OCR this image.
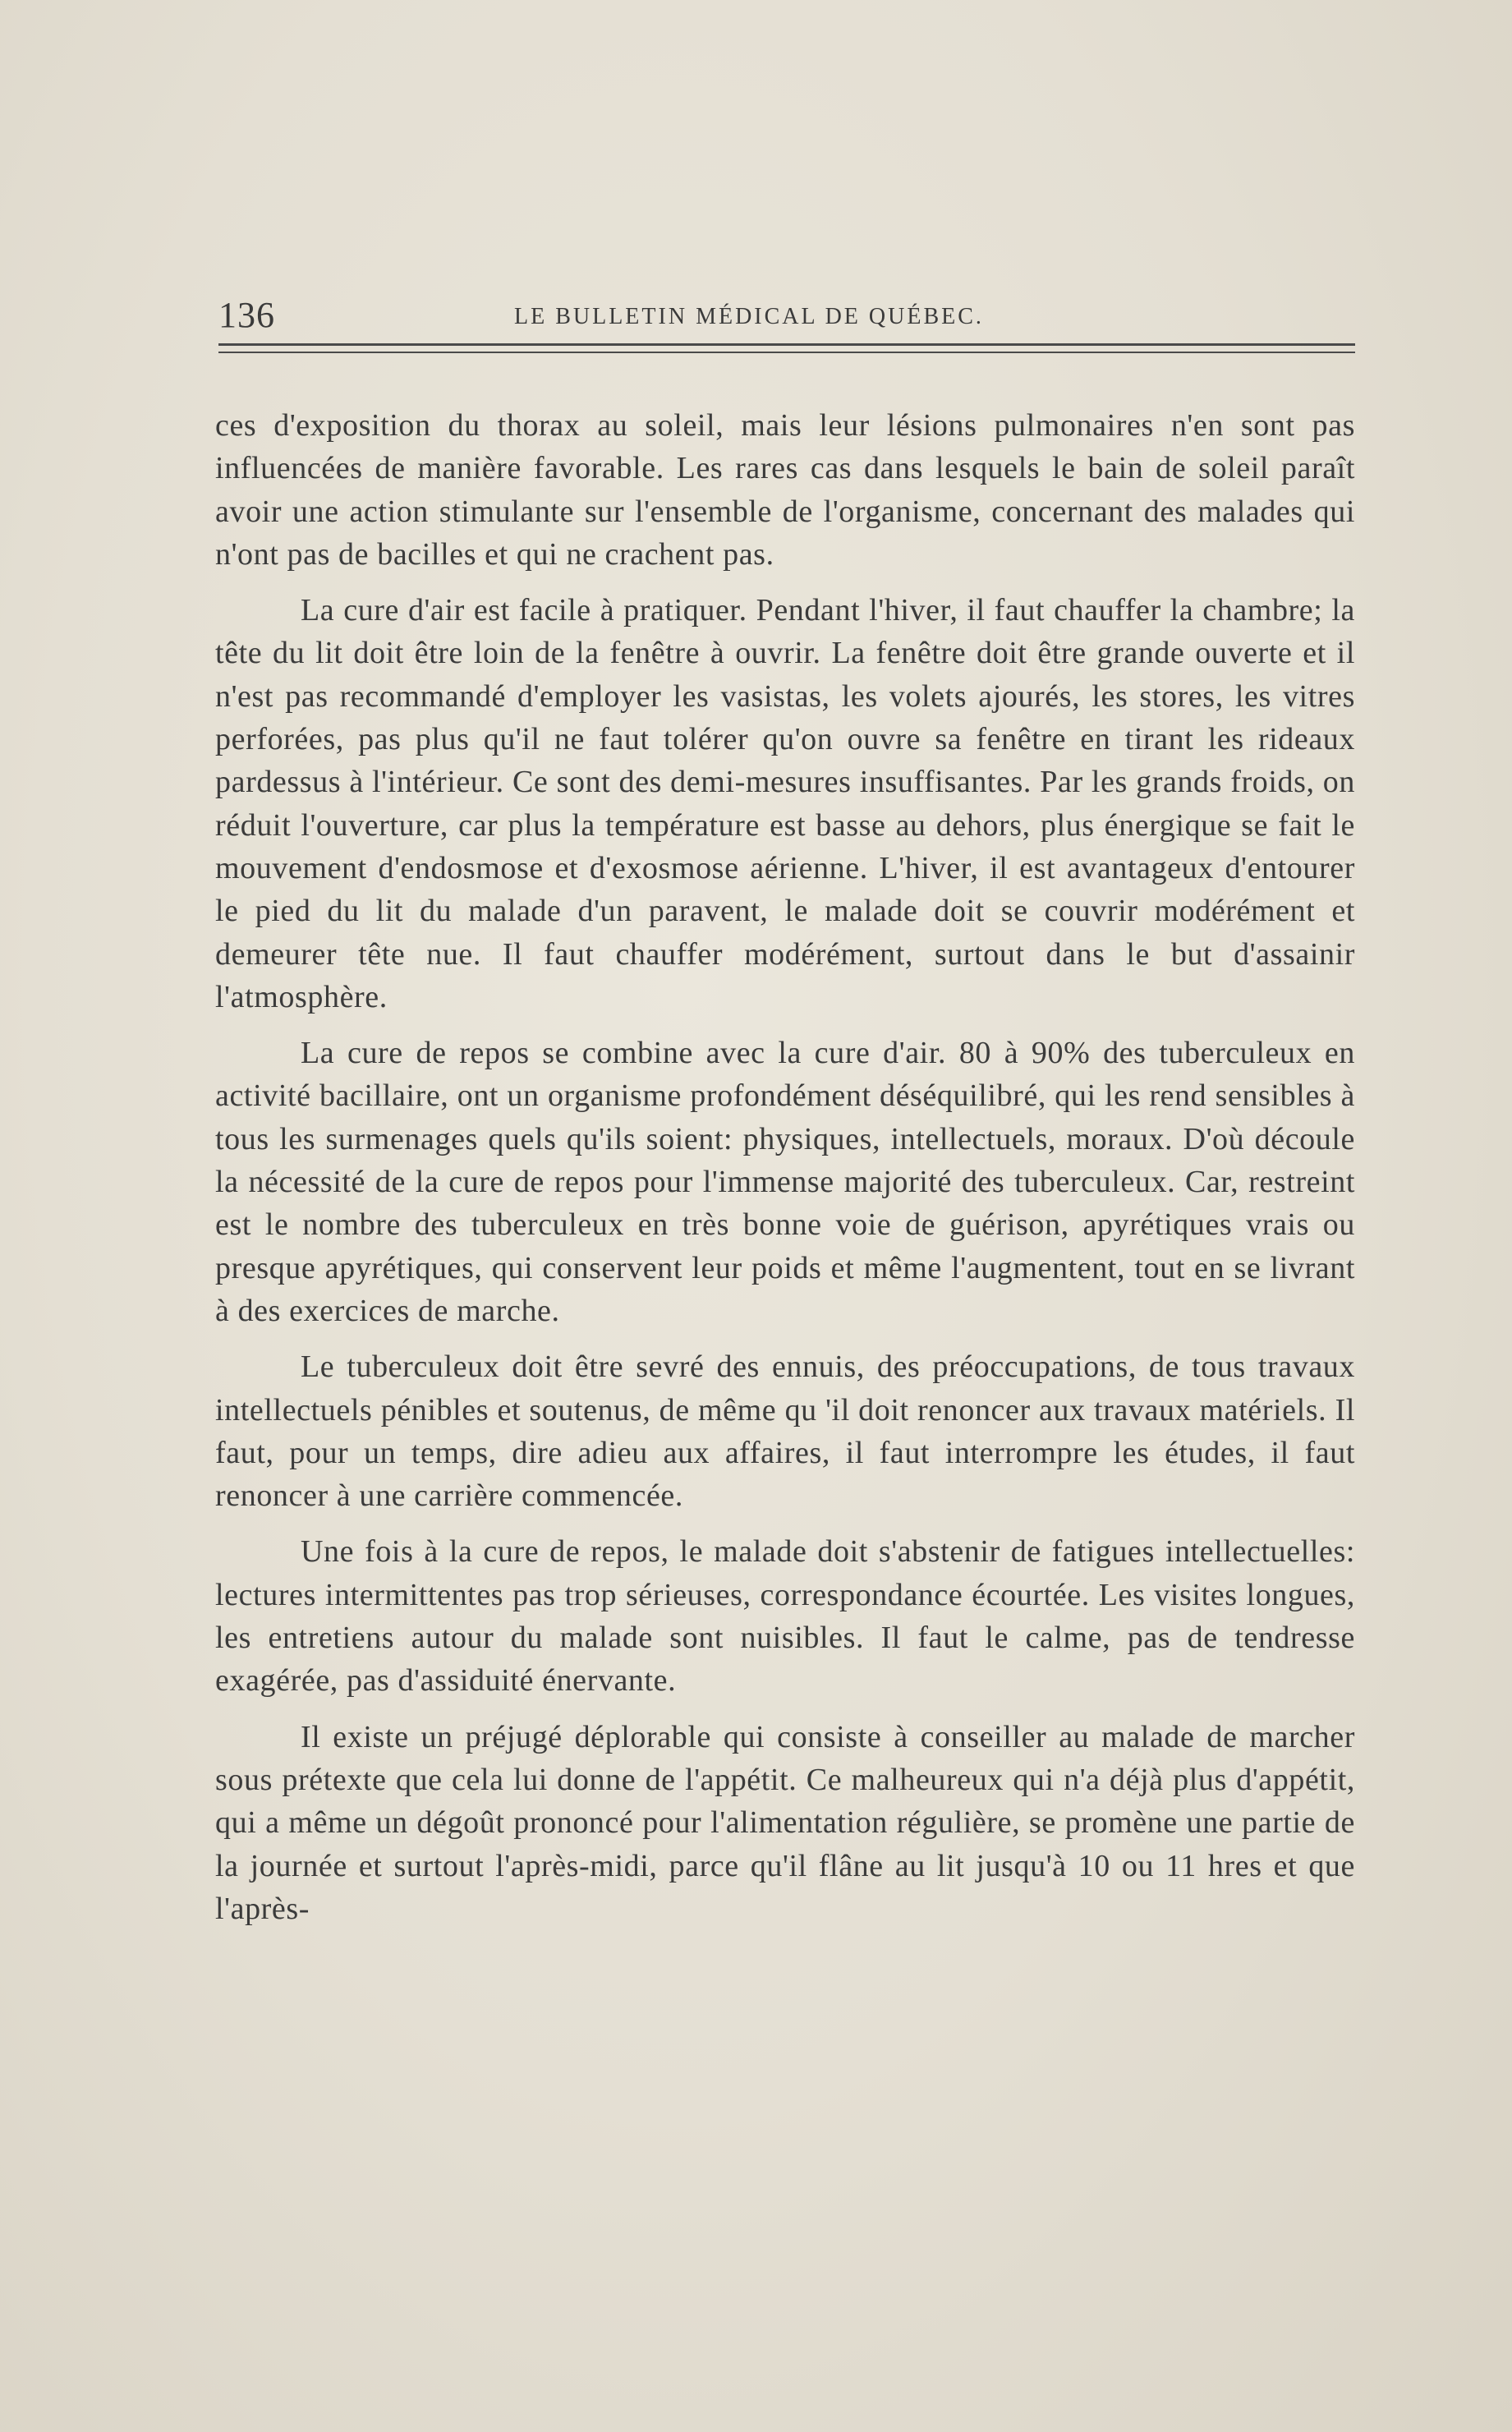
136	LE BULLETIN MÉDICAL DE QUÉBEC.

ces d'exposition du thorax au soleil, mais leur lésions pulmonaires n'en sont pas influencées de manière favorable. Les rares cas dans lesquels le bain de soleil paraît avoir une action stimulante sur l'ensemble de l'organisme, concernant des malades qui n'ont pas de bacilles et qui ne crachent pas.

La cure d'air est facile à pratiquer. Pendant l'hiver, il faut chauffer la chambre; la tête du lit doit être loin de la fenêtre à ouvrir. La fenêtre doit être grande ouverte et il n'est pas recommandé d'employer les vasistas, les volets ajourés, les stores, les vitres perforées, pas plus qu'il ne faut tolérer qu'on ouvre sa fenêtre en tirant les rideaux pardessus à l'intérieur. Ce sont des demi-mesures insuffisantes. Par les grands froids, on réduit l'ouverture, car plus la température est basse au dehors, plus énergique se fait le mouvement d'endosmose et d'exosmose aérienne. L'hiver, il est avantageux d'entourer le pied du lit du malade d'un paravent, le malade doit se couvrir modérément et demeurer tête nue. Il faut chauffer modérément, surtout dans le but d'assainir l'atmosphère.

La cure de repos se combine avec la cure d'air. 80 à 90% des tuberculeux en activité bacillaire, ont un organisme profondément déséquilibré, qui les rend sensibles à tous les surmenages quels qu'ils soient: physiques, intellectuels, moraux. D'où découle la nécessité de la cure de repos pour l'immense majorité des tuberculeux. Car, restreint est le nombre des tuberculeux en très bonne voie de guérison, apyrétiques vrais ou presque apyrétiques, qui conservent leur poids et même l'augmentent, tout en se livrant à des exercices de marche.

Le tuberculeux doit être sevré des ennuis, des préoccupations, de tous travaux intellectuels pénibles et soutenus, de même qu 'il doit renoncer aux travaux matériels. Il faut, pour un temps, dire adieu aux affaires, il faut interrompre les études, il faut renoncer à une carrière commencée.

Une fois à la cure de repos, le malade doit s'abstenir de fatigues intellectuelles: lectures intermittentes pas trop sérieuses, correspondance écourtée. Les visites longues, les entretiens autour du malade sont nuisibles. Il faut le calme, pas de tendresse exagérée, pas d'assiduité énervante.

Il existe un préjugé déplorable qui consiste à conseiller au malade de marcher sous prétexte que cela lui donne de l'appétit. Ce malheureux qui n'a déjà plus d'appétit, qui a même un dégoût prononcé pour l'alimentation régulière, se promène une partie de la journée et surtout l'après-midi, parce qu'il flâne au lit jusqu'à 10 ou 11 hres et que l'après-
